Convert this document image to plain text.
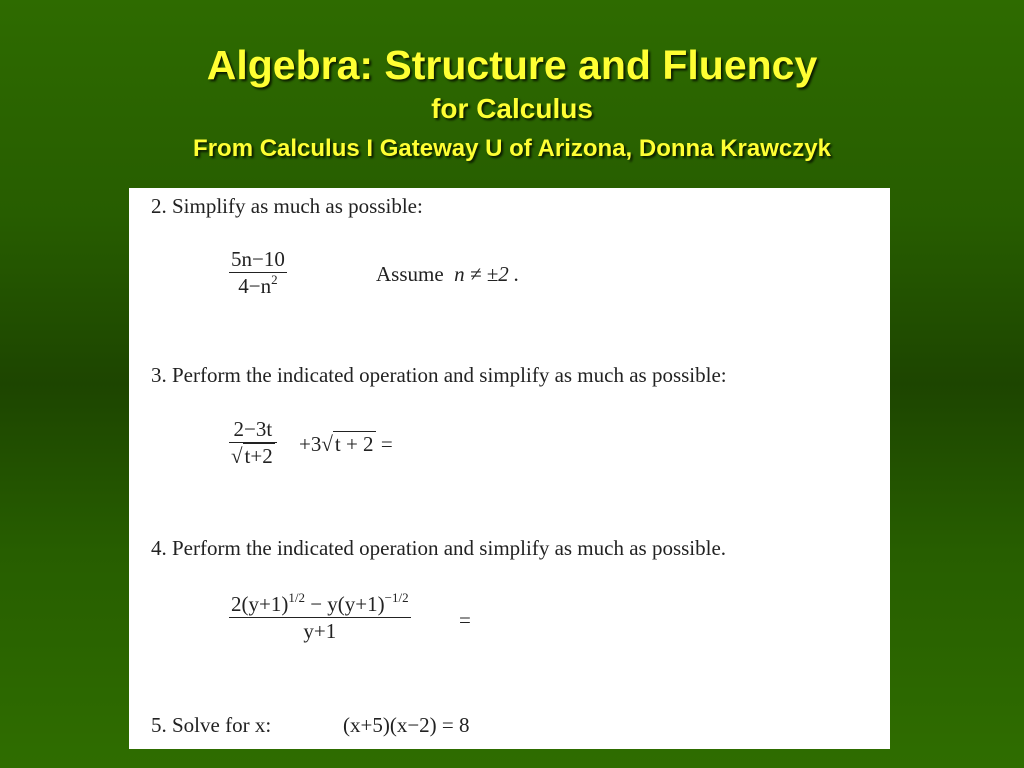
Algebra: Structure and Fluency
for Calculus
From Calculus I Gateway U of Arizona, Donna Krawczyk
2. Simplify as much as possible:
5n−10
$4-n^2$	Assume n ≠ ±2 .
3. Perform the indicated operation and simplify as much as possible:
2−3t
√t+2 +3√t + 2 =
4. Perform the indicated operation and simplify as much as possible.
$2(y+1)^{1/2} - y(y+1)^{-1/2}$
y+1	=
5. Solve for x:	(x+5)(x−2) = 8
